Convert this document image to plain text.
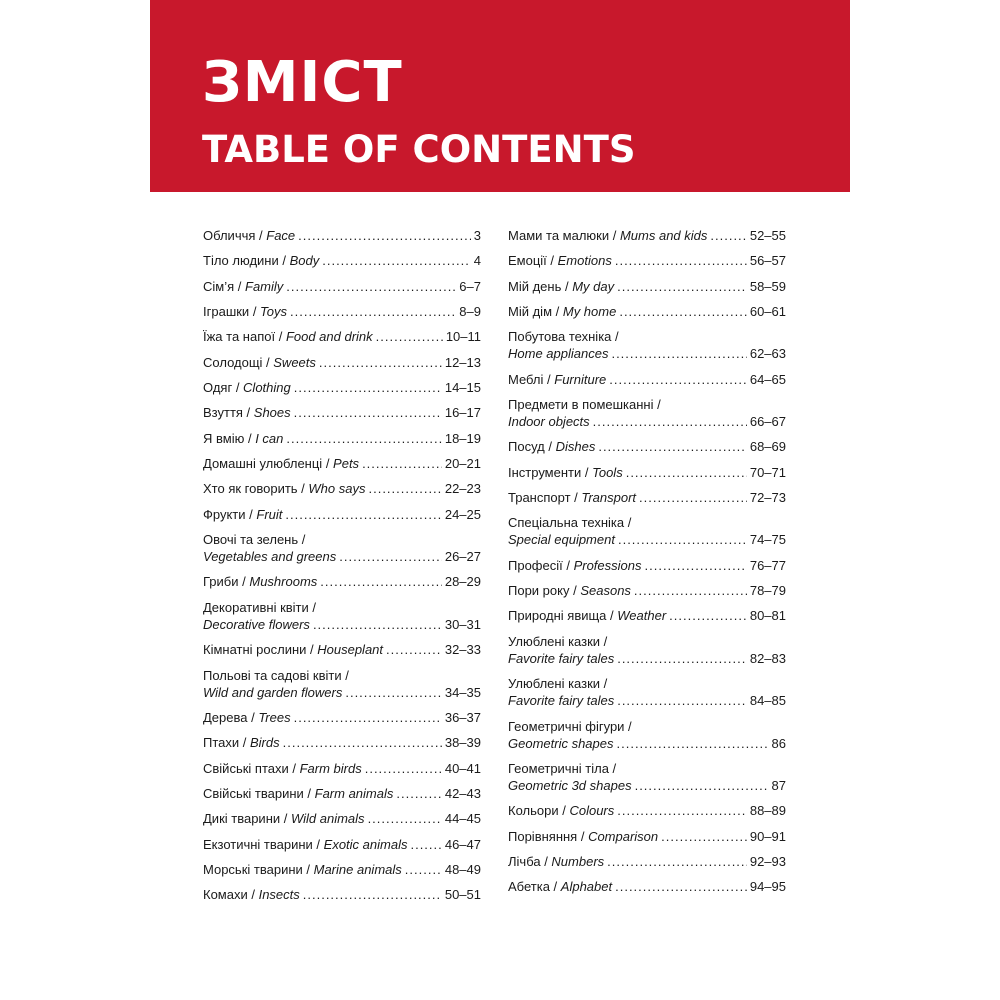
ЗМІСТ
TABLE OF CONTENTS
Обличчя / Face .....	3
Тіло людини / Body .....	4
Сім’я / Family .....	6–7
Іграшки / Toys .....	8–9
Їжа та напої / Food and drink .....	10–11
Солодощі / Sweets .....	12–13
Одяг / Clothing .....	14–15
Взуття / Shoes .....	16–17
Я вмію / I can .....	18–19
Домашні улюбленці / Pets .....	20–21
Хто як говорить / Who says .....	22–23
Фрукти / Fruit .....	24–25
Овочі та зелень /
Vegetables and greens .....	26–27
Гриби / Mushrooms .....	28–29
Декоративні квіти /
Decorative flowers .....	30–31
Кімнатні рослини / Houseplant .....	32–33
Польові та садові квіти /
Wild and garden flowers .....	34–35
Дерева / Trees .....	36–37
Птахи / Birds .....	38–39
Свійські птахи / Farm birds .....	40–41
Свійські тварини / Farm animals .....	42–43
Дикі тварини / Wild animals .....	44–45
Екзотичні тварини / Exotic animals .....	46–47
Морські тварини / Marine animals .....	48–49
Комахи / Insects .....	50–51
Мами та малюки / Mums and kids .....	52–55
Емоції / Emotions .....	56–57
Мій день / My day .....	58–59
Мій дім / My home .....	60–61
Побутова техніка /
Home appliances .....	62–63
Меблі / Furniture .....	64–65
Предмети в помешканні /
Indoor objects .....	66–67
Посуд / Dishes .....	68–69
Інструменти / Tools .....	70–71
Транспорт / Transport .....	72–73
Спеціальна техніка /
Special equipment .....	74–75
Професії / Professions .....	76–77
Пори року / Seasons .....	78–79
Природні явища / Weather .....	80–81
Улюблені казки /
Favorite fairy tales .....	82–83
Улюблені казки /
Favorite fairy tales .....	84–85
Геометричні фігури /
Geometric shapes .....	86
Геометричні тіла /
Geometric 3d shapes .....	87
Кольори / Colours .....	88–89
Порівняння / Comparison .....	90–91
Лічба / Numbers .....	92–93
Абетка / Alphabet .....	94–95
